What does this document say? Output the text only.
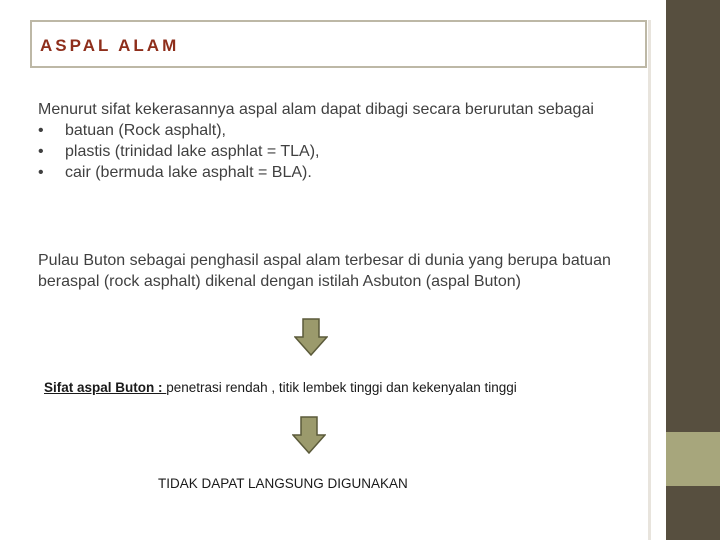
ASPAL ALAM
Menurut sifat kekerasannya aspal alam dapat dibagi secara berurutan sebagai
• batuan (Rock asphalt),
• plastis (trinidad lake asphlat = TLA),
• cair (bermuda lake asphalt = BLA).
Pulau Buton sebagai penghasil aspal alam terbesar di dunia yang berupa batuan beraspal (rock asphalt) dikenal dengan istilah Asbuton (aspal Buton)
Sifat aspal Buton : penetrasi rendah , titik lembek tinggi dan kekenyalan tinggi
TIDAK DAPAT LANGSUNG DIGUNAKAN
